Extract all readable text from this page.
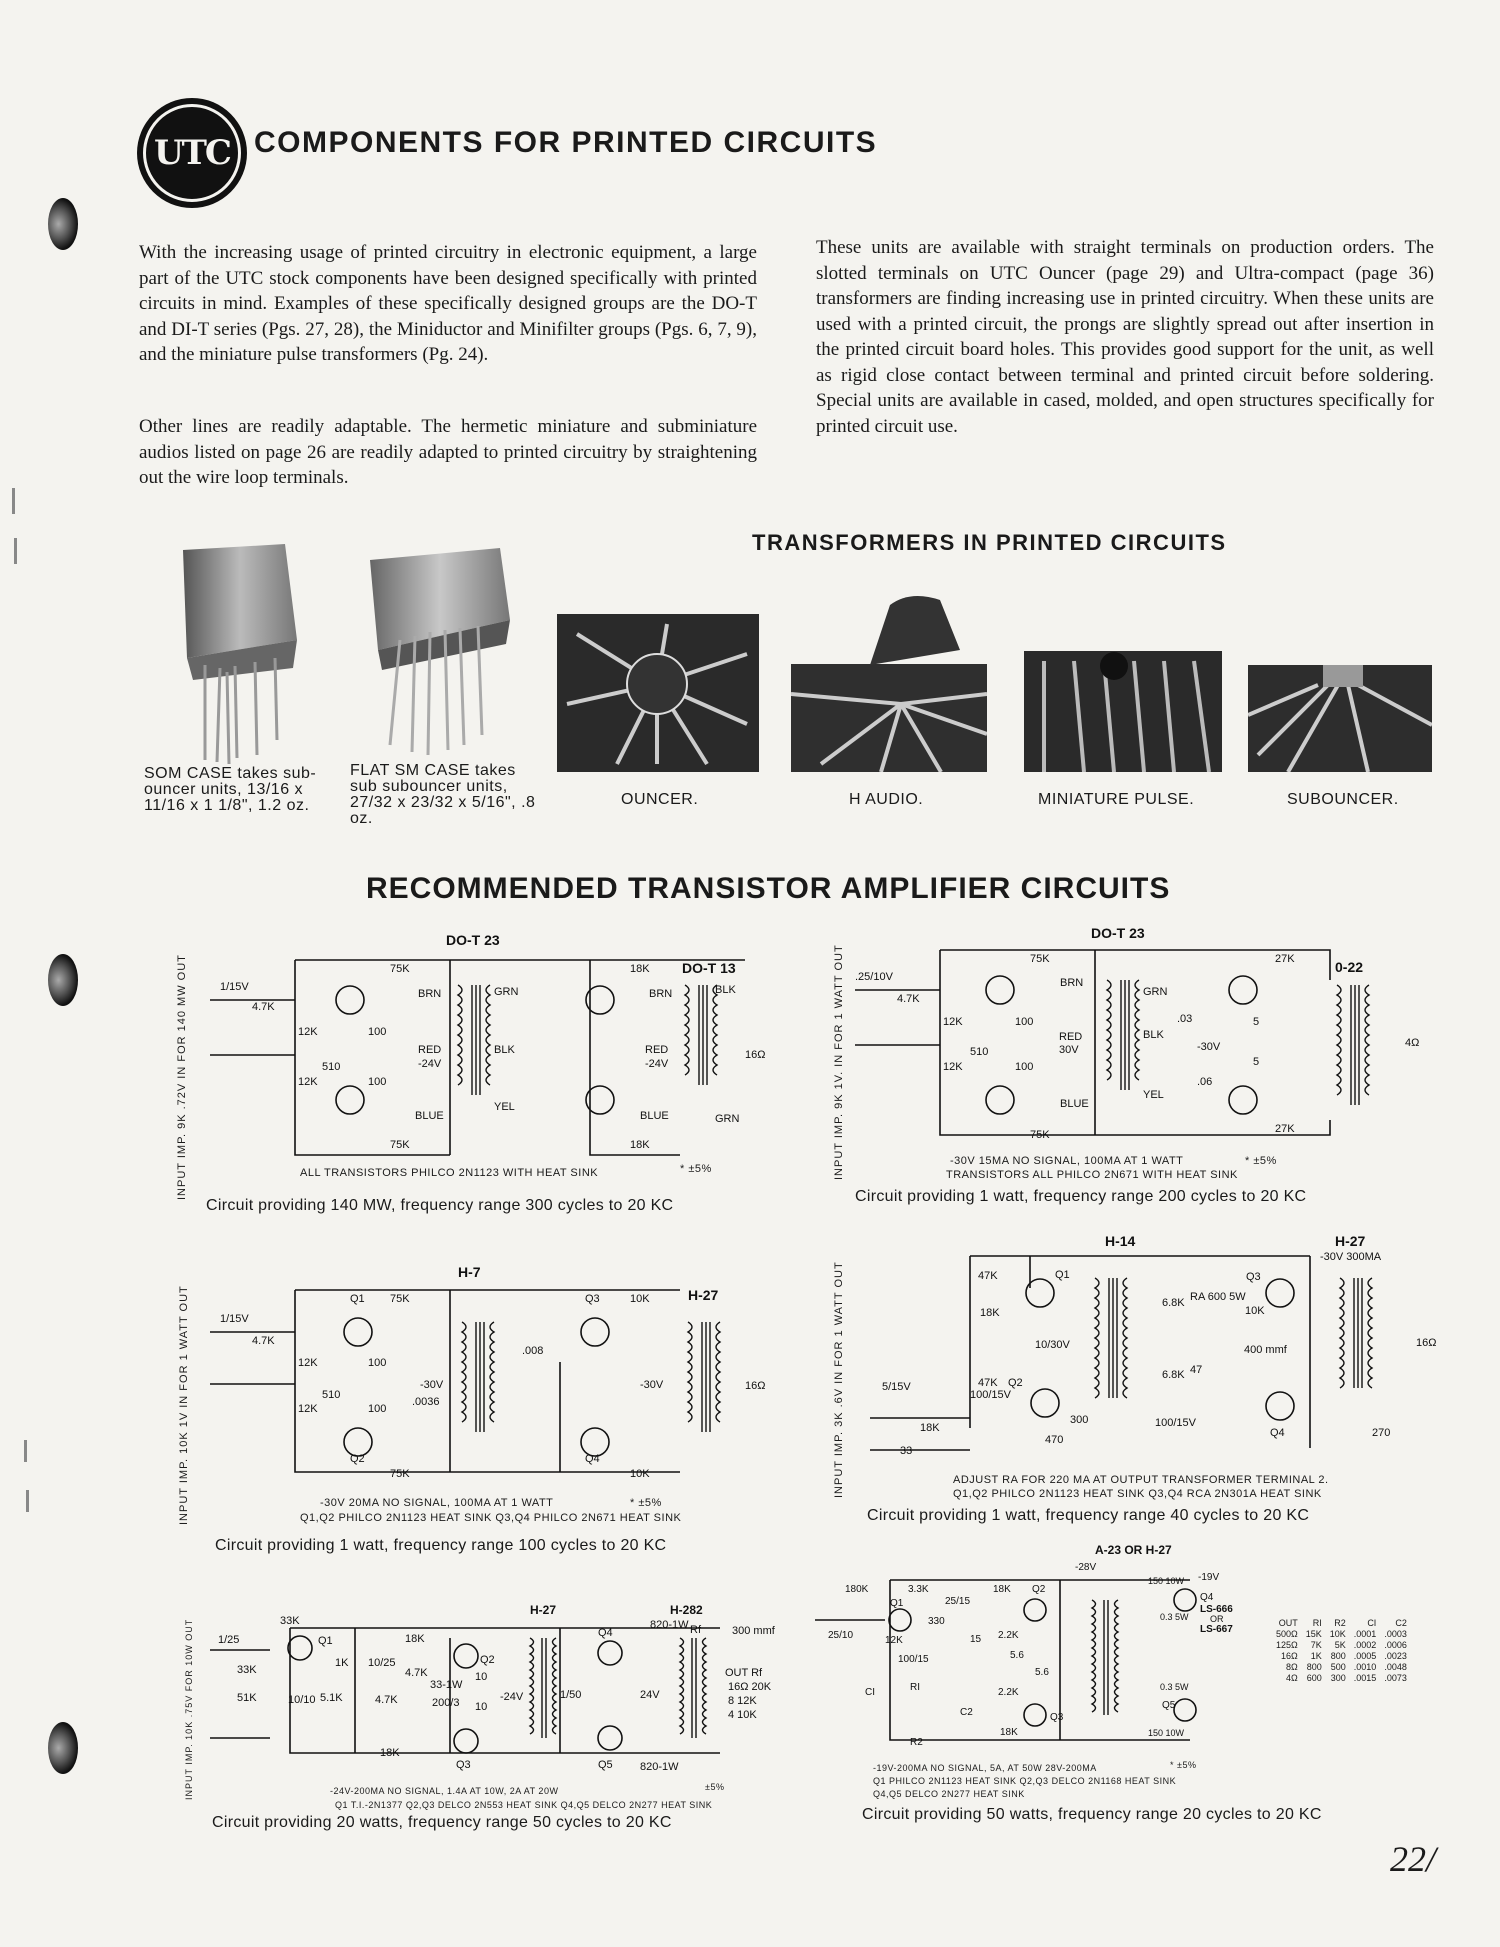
UTC COMPONENTS FOR PRINTED CIRCUITS
With the increasing usage of printed circuitry in electronic equipment, a large part of the UTC stock components have been designed specifically with printed circuits in mind. Examples of these specifically designed groups are the DO-T and DI-T series (Pgs. 27, 28), the Miniductor and Minifilter groups (Pgs. 6, 7, 9), and the miniature pulse transformers (Pg. 24).
Other lines are readily adaptable. The hermetic miniature and subminiature audios listed on page 26 are readily adapted to printed circuitry by straightening out the wire loop terminals.
These units are available with straight terminals on production orders. The slotted terminals on UTC Ouncer (page 29) and Ultra-compact (page 36) transformers are finding increasing use in printed circuitry. When these units are used with a printed circuit, the prongs are slightly spread out after insertion in the printed circuit board holes. This provides good support for the unit, as well as rigid close contact between terminal and printed circuit before soldering. Special units are available in cased, molded, and open structures specifically for printed circuit use.
SOM CASE takes sub-
ouncer units, 13/16 x
11/16 x 1 1/8", 1.2 oz.
FLAT SM CASE takes
sub subouncer units,
27/32 x 23/32 x 5/16", .8 oz.
TRANSFORMERS IN PRINTED CIRCUITS
OUNCER.	H AUDIO.	MINIATURE PULSE.	SUBOUNCER.
RECOMMENDED TRANSISTOR AMPLIFIER CIRCUITS
INPUT IMP. 9K .72V IN FOR 140 MW OUT
DO-T 23
DO-T 13
75K	18K
1/15V
4.7K
12K
510
12K
100
100
BRN	GRN
RED
-24V
BLK
YEL
BLUE
BRN
RED
-24V
BLUE
BLK
GRN
16Ω
75K	18K
ALL TRANSISTORS PHILCO 2N1123 WITH HEAT SINK	* ±5%
Circuit providing 140 MW, frequency range 300 cycles to 20 KC
INPUT IMP. 9K 1V. IN FOR 1 WATT OUT
DO-T 23
0-22
75K	27K
.25/10V
4.7K
12K
510
12K
100
100
BRN
GRN
RED
30V
BLK
YEL
BLUE
.03
.06
-30V
5
5
4Ω
75K	27K
-30V 15MA NO SIGNAL, 100MA AT 1 WATT	* ±5%
TRANSISTORS ALL PHILCO 2N671 WITH HEAT SINK
Circuit providing 1 watt, frequency range 200 cycles to 20 KC
INPUT IMP. 10K 1V IN FOR 1 WATT OUT
H-7
H-27
Q1 75K	Q3	10K
1/15V
4.7K
12K
510
12K
100
100
Q2	Q4
.008
.0036
-30V	-30V	16Ω
75K	10K
-30V 20MA NO SIGNAL, 100MA AT 1 WATT	* ±5%
Q1,Q2 PHILCO 2N1123 HEAT SINK Q3,Q4 PHILCO 2N671 HEAT SINK
Circuit providing 1 watt, frequency range 100 cycles to 20 KC
INPUT IMP. 3K .6V IN FOR 1 WATT OUT
H-14	H-27
-30V 300MA
47K
18K
Q1
Q2
10/30V
5/15V	47K
100/15V
18K
33
300
470
100/15V
6.8K
6.8K
RA 600 5W
47
Q3
Q4
10K
400 mmf
16Ω
270
ADJUST RA FOR 220 MA AT OUTPUT TRANSFORMER TERMINAL 2.
Q1,Q2 PHILCO 2N1123 HEAT SINK Q3,Q4 RCA 2N301A HEAT SINK
Circuit providing 1 watt, frequency range 40 cycles to 20 KC
INPUT IMP. 10K .75V FOR 10W OUT
H-27	H-282
1/25
33K
33K
51K	10/10 5.1K
1K
Q1
10/25
18K
4.7K
4.7K
18K
33-1W
200/3
10
10
Q2
Q3
-24V
Q4
Q5
1/50
820-1W
820-1W
24V
Rf	300 mmf
OUT Rf
16Ω 20K
8 12K
4 10K
-24V-200MA NO SIGNAL, 1.4A AT 10W, 2A AT 20W	±5%
Q1 T.I.-2N1377 Q2,Q3 DELCO 2N553 HEAT SINK Q4,Q5 DELCO 2N277 HEAT SINK
Circuit providing 20 watts, frequency range 50 cycles to 20 KC
A-23 OR H-27
-28V
-19V
25/10
180K	3.3K
25/15
18K
330
12K
100/15
15 2.2K
5.6
5.6
2.2K
18K
Q1
Q2
Q3
RI
R2
CI
C2
150 10W
150 10W
Q4
LS-666
OR
LS-667
Q5
0.3 5W
0.3 5W
OUT	RI	R2	CI	C2
500Ω	15K	10K	.0001	.0003
125Ω	7K	5K	.0002	.0006
16Ω	1K	800	.0005	.0023
8Ω	800	500	.0010	.0048
4Ω	600	300	.0015	.0073
-19V-200MA NO SIGNAL, 5A, AT 50W 28V-200MA	* ±5%
Q1 PHILCO 2N1123 HEAT SINK Q2,Q3 DELCO 2N1168 HEAT SINK
Q4,Q5 DELCO 2N277 HEAT SINK
Circuit providing 50 watts, frequency range 20 cycles to 20 KC
22/
